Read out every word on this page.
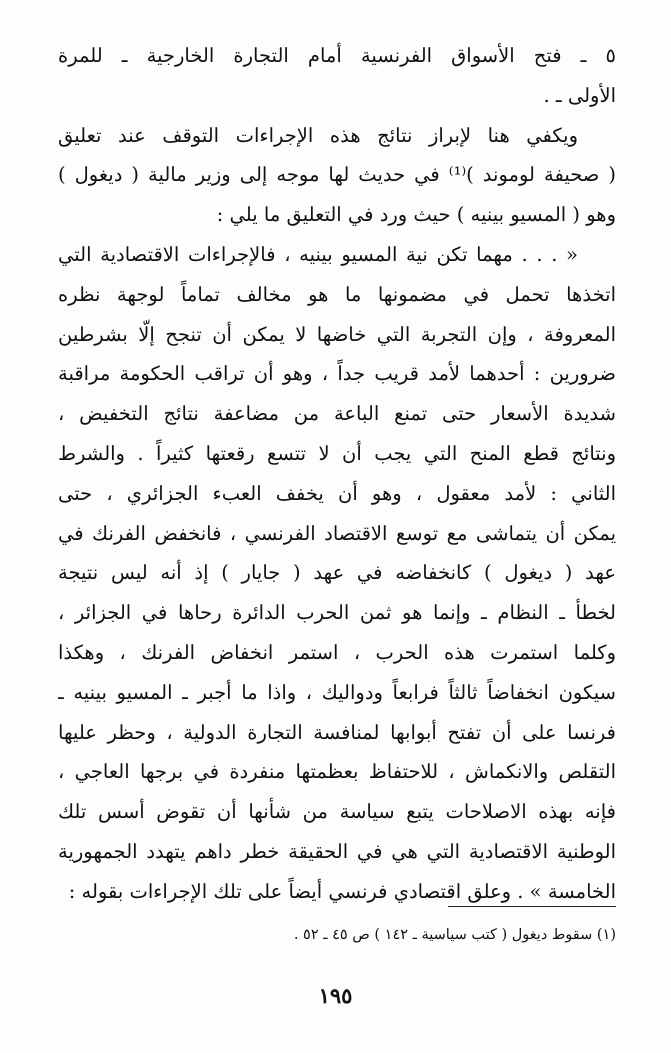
٥ ـ فتح الأسواق الفرنسية أمام التجارة الخارجية ـ للمرة
الأولى ـ .
ويكفي هنا لإبراز نتائج هذه الإجراءات التوقف عند تعليق
( صحيفة لوموند )⁽¹⁾ في حديث لها موجه إلى وزير مالية ( ديغول )
وهو ( المسيو بينيه ) حيث ورد في التعليق ما يلي :
« . . . مهما تكن نية المسيو بينيه ، فالإجراءات الاقتصادية التي
اتخذها تحمل في مضمونها ما هو مخالف تماماً لوجهة نظره
المعروفة ، وإن التجربة التي خاضها لا يمكن أن تنجح إلّا بشرطين
ضرورين : أحدهما لأمد قريب جداً ، وهو أن تراقب الحكومة مراقبة
شديدة الأسعار حتى تمنع الباعة من مضاعفة نتائج التخفيض ،
ونتائج قطع المنح التي يجب أن لا تتسع رقعتها كثيراً . والشرط
الثاني : لأمد معقول ، وهو أن يخفف العبء الجزائري ، حتى
يمكن أن يتماشى مع توسع الاقتصاد الفرنسي ، فانخفض الفرنك في
عهد ( ديغول ) كانخفاضه في عهد ( جايار ) إذ أنه ليس نتيجة
لخطأ ـ النظام ـ وإنما هو ثمن الحرب الدائرة رحاها في الجزائر ،
وكلما استمرت هذه الحرب ، استمر انخفاض الفرنك ، وهكذا
سيكون انخفاضاً ثالثاً فرابعاً ودواليك ، واذا ما أجبر ـ المسيو بينيه ـ
فرنسا على أن تفتح أبوابها لمنافسة التجارة الدولية ، وحظر عليها
التقلص والانكماش ، للاحتفاظ بعظمتها منفردة في برجها العاجي ،
فإنه بهذه الاصلاحات يتبع سياسة من شأنها أن تقوض أسس تلك
الوطنية الاقتصادية التي هي في الحقيقة خطر داهم يتهدد الجمهورية
الخامسة » . وعلق اقتصادي فرنسي أيضاً على تلك الإجراءات بقوله :
(١) سقوط ديغول ( كتب سياسية ـ ١٤٢ ) ص ٤٥ ـ ٥٢ .
١٩٥
